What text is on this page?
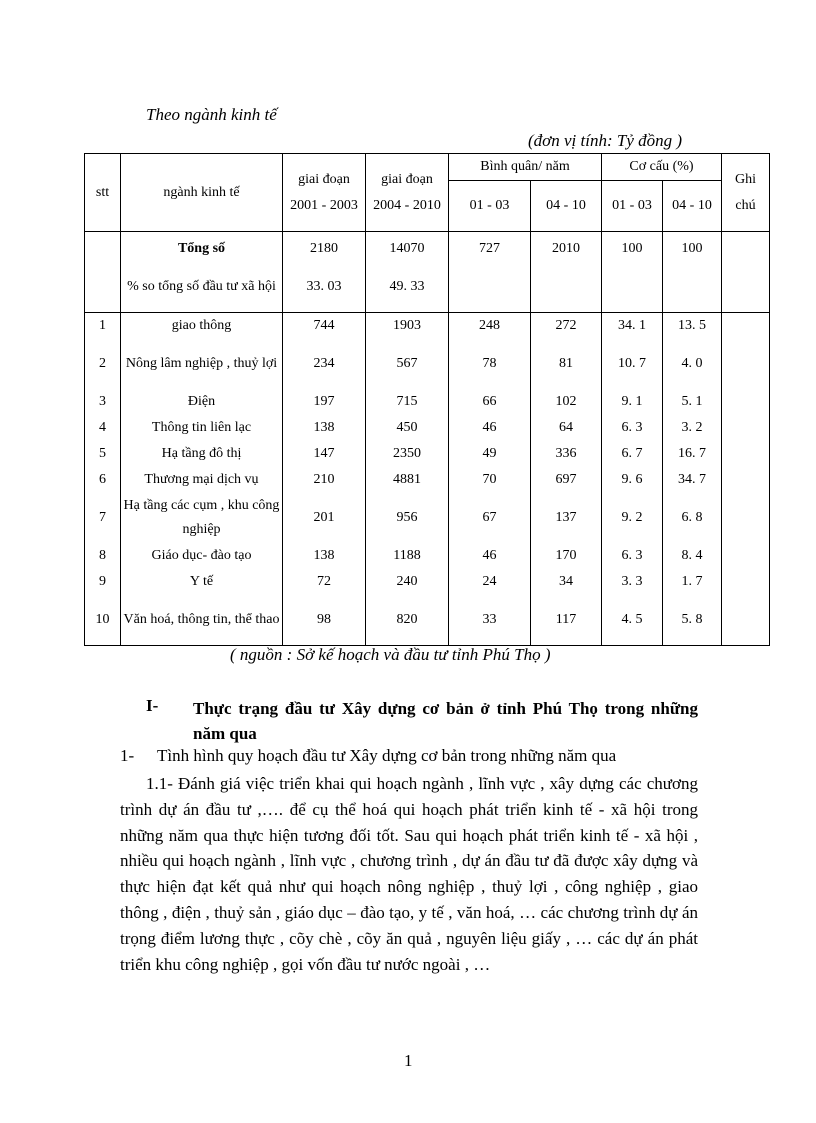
Theo ngành kinh tế
(đơn vị tính: Tỷ đồng )
stt	ngành kinh tế	giai đoạn 2001 - 2003	giai đoạn 2004 - 2010	Bình quân/ năm		Cơ cấu (%)		Ghi chú
				01 - 03	04 - 10	01 - 03	04 - 10	
	Tổng số	2180	14070	727	2010	100	100	
	% so tổng số đầu tư xã hội	33. 03	49. 33					
1	giao thông	744	1903	248	272	34. 1	13. 5	
2	Nông lâm nghiệp , thuỷ lợi	234	567	78	81	10. 7	4. 0	
3	Điện	197	715	66	102	9. 1	5. 1	
4	Thông tin liên lạc	138	450	46	64	6. 3	3. 2	
5	Hạ tầng đô thị	147	2350	49	336	6. 7	16. 7	
6	Thương mại dịch vụ	210	4881	70	697	9. 6	34. 7	
7	Hạ tầng các cụm , khu công nghiệp	201	956	67	137	9. 2	6. 8	
8	Giáo dục- đào tạo	138	1188	46	170	6. 3	8. 4	
9	Y tế	72	240	24	34	3. 3	1. 7	
10	Văn hoá, thông tin, thể thao	98	820	33	117	4. 5	5. 8	
( nguồn : Sở kế hoạch và đầu tư tỉnh Phú Thọ )
I- Thực trạng đầu tư Xây dựng cơ bản ở tỉnh Phú Thọ trong những năm qua
1- Tình hình quy hoạch đầu tư Xây dựng cơ bản trong những năm qua
1.1- Đánh giá việc triển khai qui hoạch ngành , lĩnh vực , xây dựng các chương trình dự án đầu tư ,…. để cụ thể hoá qui hoạch phát triển kinh tế - xã hội trong những năm qua thực hiện tương đối tốt. Sau qui hoạch phát triển kinh tế - xã hội , nhiều qui hoạch ngành , lĩnh vực , chương trình , dự án đầu tư đã được xây dựng và thực hiện đạt kết quả như qui hoạch nông nghiệp , thuỷ lợi , công nghiệp , giao thông , điện , thuỷ sản , giáo dục – đào tạo, y tế , văn hoá, … các chương trình dự án trọng điểm lương thực , cõy chè , cõy ăn quả , nguyên liệu giấy , … các dự án phát triển khu công nghiệp , gọi vốn đầu tư nước ngoài , …
1
